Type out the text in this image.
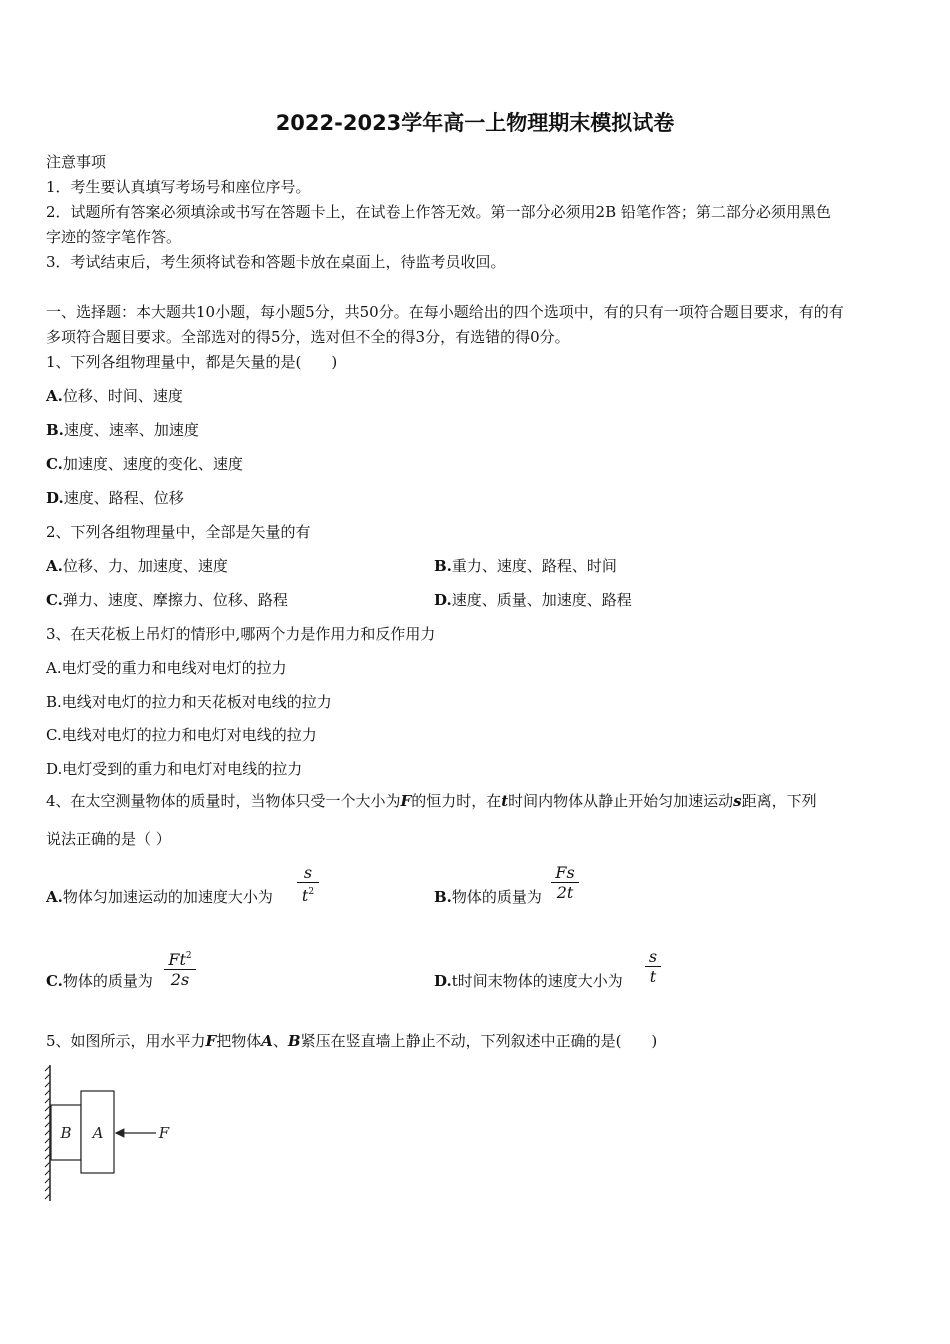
2022-2023学年高一上物理期末模拟试卷
注意事项
1．考生要认真填写考场号和座位序号。
2．试题所有答案必须填涂或书写在答题卡上，在试卷上作答无效。第一部分必须用2B 铅笔作答；第二部分必须用黑色
字迹的签字笔作答。
3．考试结束后，考生须将试卷和答题卡放在桌面上，待监考员收回。
一、选择题：本大题共10小题，每小题5分，共50分。在每小题给出的四个选项中，有的只有一项符合题目要求，有的有
多项符合题目要求。全部选对的得5分，选对但不全的得3分，有选错的得0分。
1、下列各组物理量中，都是矢量的是(　　)
A.位移、时间、速度
B.速度、速率、加速度
C.加速度、速度的变化、速度
D.速度、路程、位移
2、下列各组物理量中，全部是矢量的有
A.位移、力、加速度、速度	B.重力、速度、路程、时间
C.弹力、速度、摩擦力、位移、路程	D.速度、质量、加速度、路程
3、在天花板上吊灯的情形中,哪两个力是作用力和反作用力
A.电灯受的重力和电线对电灯的拉力
B.电线对电灯的拉力和天花板对电线的拉力
C.电线对电灯的拉力和电灯对电线的拉力
D.电灯受到的重力和电灯对电线的拉力
4、在太空测量物体的质量时，当物体只受一个大小为F的恒力时，在t时间内物体从静止开始匀加速运动s距离，下列
说法正确的是（ ）
A.物体匀加速运动的加速度大小为
s
$t^2$	B.物体的质量为
Fs
2t
C.物体的质量为
Ft$^2$
2s	D.t时间末物体的速度大小为
s
t
5、如图所示，用水平力F把物体A、B紧压在竖直墙上静止不动，下列叙述中正确的是(　　)
B A	F
